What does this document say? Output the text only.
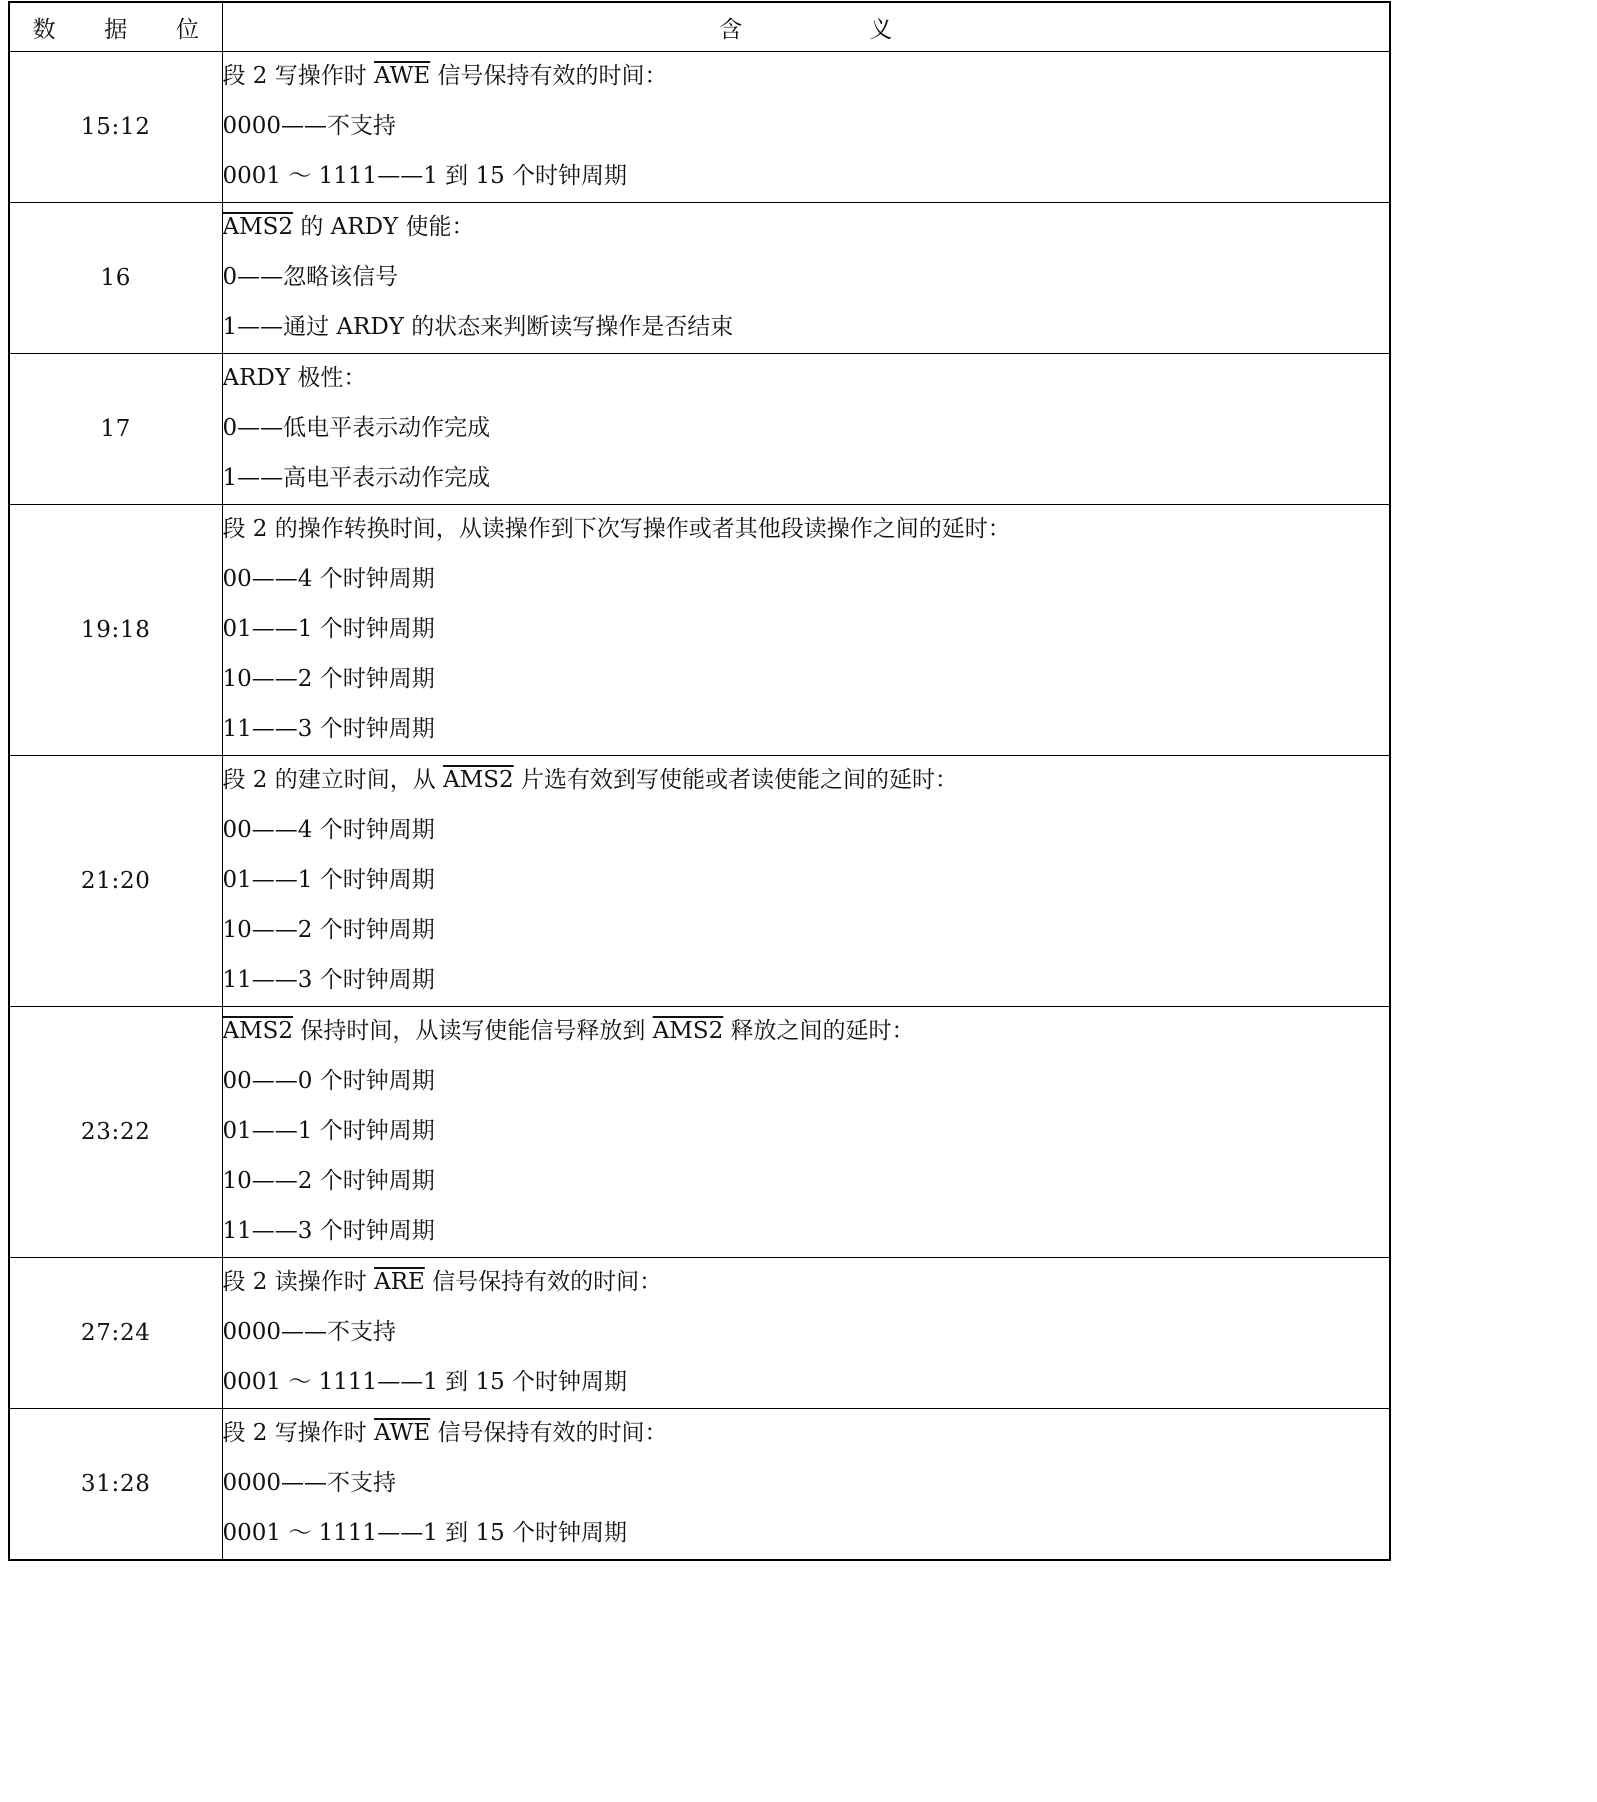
数 据 位	含 义
15:12	段 2 写操作时 $\overline{AWE}$ 信号保持有效的时间：
0000——不支持
0001 ～ 1111——1 到 15 个时钟周期

16	AMS2 的 ARDY 使能：
0——忽略该信号
1——通过 ARDY 的状态来判断读写操作是否结束

17	ARDY 极性：
0——低电平表示动作完成
1——高电平表示动作完成

19:18	段 2 的操作转换时间，从读操作到下次写操作或者其他段读操作之间的延时：
00——4 个时钟周期
01——1 个时钟周期
10——2 个时钟周期
11——3 个时钟周期

21:20	段 2 的建立时间，从 AMS2 片选有效到写使能或者读使能之间的延时：
00——4 个时钟周期
01——1 个时钟周期
10——2 个时钟周期
11——3 个时钟周期

23:22	AMS2 保持时间，从读写使能信号释放到 AMS2 释放之间的延时：
00——0 个时钟周期
01——1 个时钟周期
10——2 个时钟周期
11——3 个时钟周期

27:24	段 2 读操作时 $\overline{ARE}$ 信号保持有效的时间：
0000——不支持
0001 ～ 1111——1 到 15 个时钟周期

31:28	段 2 写操作时 $\overline{AWE}$ 信号保持有效的时间：
0000——不支持
0001 ～ 1111——1 到 15 个时钟周期
